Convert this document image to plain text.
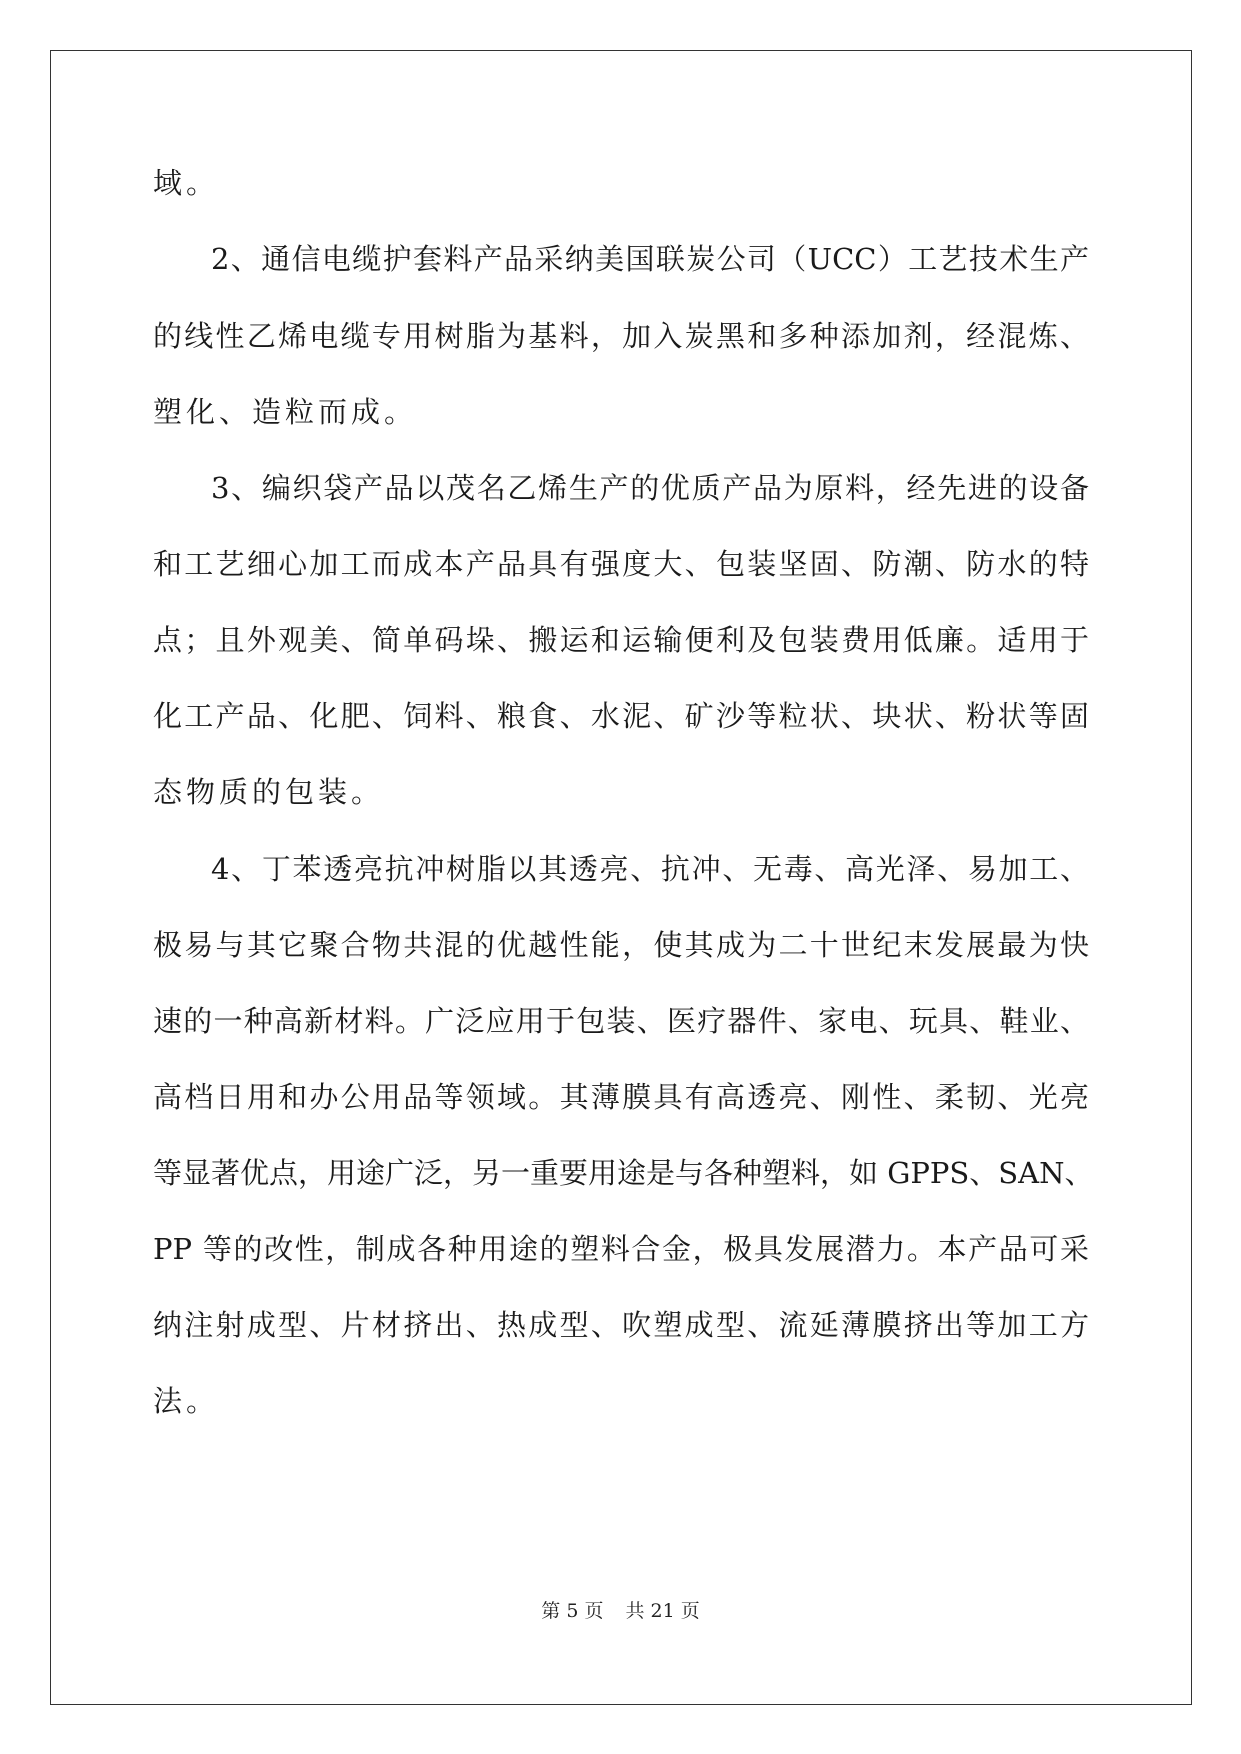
域。
2、通信电缆护套料产品采纳美国联炭公司（UCC）工艺技术生产
的线性乙烯电缆专用树脂为基料，加入炭黑和多种添加剂，经混炼、
塑化、造粒而成。
3、编织袋产品以茂名乙烯生产的优质产品为原料，经先进的设备
和工艺细心加工而成本产品具有强度大、包装坚固、防潮、防水的特
点；且外观美、简单码垛、搬运和运输便利及包装费用低廉。适用于
化工产品、化肥、饲料、粮食、水泥、矿沙等粒状、块状、粉状等固
态物质的包装。
4、丁苯透亮抗冲树脂以其透亮、抗冲、无毒、高光泽、易加工、
极易与其它聚合物共混的优越性能，使其成为二十世纪末发展最为快
速的一种高新材料。广泛应用于包装、医疗器件、家电、玩具、鞋业、
高档日用和办公用品等领域。其薄膜具有高透亮、刚性、柔韧、光亮
等显著优点，用途广泛，另一重要用途是与各种塑料，如 GPPS、SAN、
PP 等的改性，制成各种用途的塑料合金，极具发展潜力。本产品可采
纳注射成型、片材挤出、热成型、吹塑成型、流延薄膜挤出等加工方
法。
第 5 页 共 21 页
